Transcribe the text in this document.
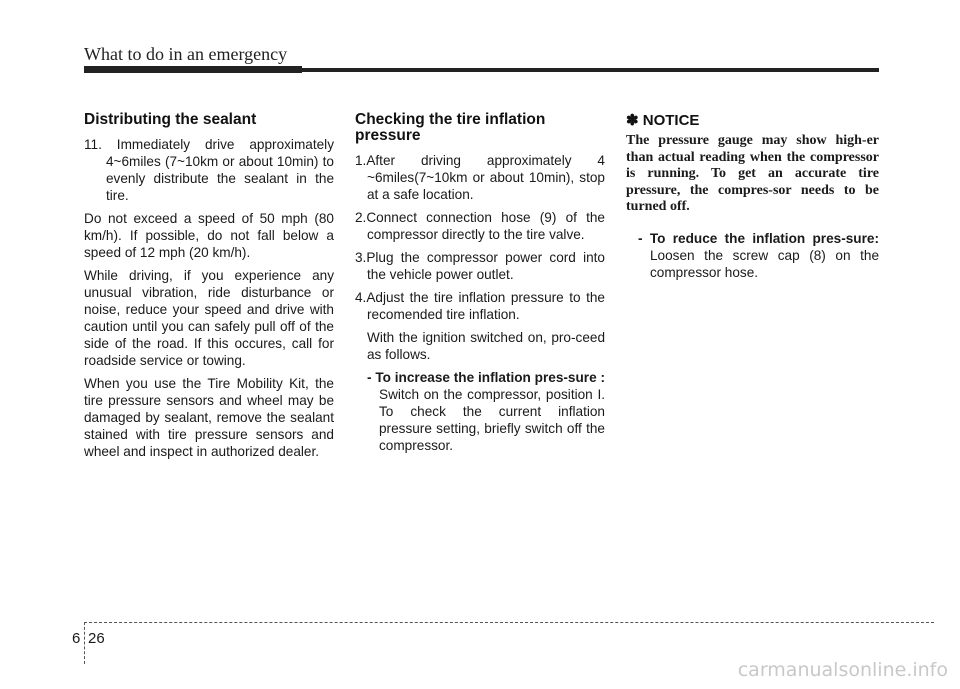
What to do in an emergency
Distributing the sealant
11. Immediately drive approximately 4~6miles (7~10km or about 10min) to evenly distribute the sealant in the tire.

Do not exceed a speed of 50 mph (80 km/h). If possible, do not fall below a speed of 12 mph (20 km/h).

While driving, if you experience any unusual vibration, ride disturbance or noise, reduce your speed and drive with caution until you can safely pull off of the side of the road. If this occures, call for roadside service or towing.

When you use the Tire Mobility Kit, the tire pressure sensors and wheel may be damaged by sealant, remove the sealant stained with tire pressure sensors and wheel and inspect in authorized dealer.

Checking the tire inflation pressure
1.After driving approximately 4 ~6miles(7~10km or about 10min), stop at a safe location.
2.Connect connection hose (9) of the compressor directly to the tire valve.
3.Plug the compressor power cord into the vehicle power outlet.
4.Adjust the tire inflation pressure to the recomended tire inflation.
With the ignition switched on, pro-ceed as follows.
- To increase the inflation pres-sure : Switch on the compressor, position I. To check the current inflation pressure setting, briefly switch off the compressor.
✽ NOTICE
The pressure gauge may show high-er than actual reading when the compressor is running. To get an accurate tire pressure, the compres-sor needs to be turned off.
- To reduce the inflation pres-sure: Loosen the screw cap (8) on the compressor hose.
6 26
carmanualsonline.info
